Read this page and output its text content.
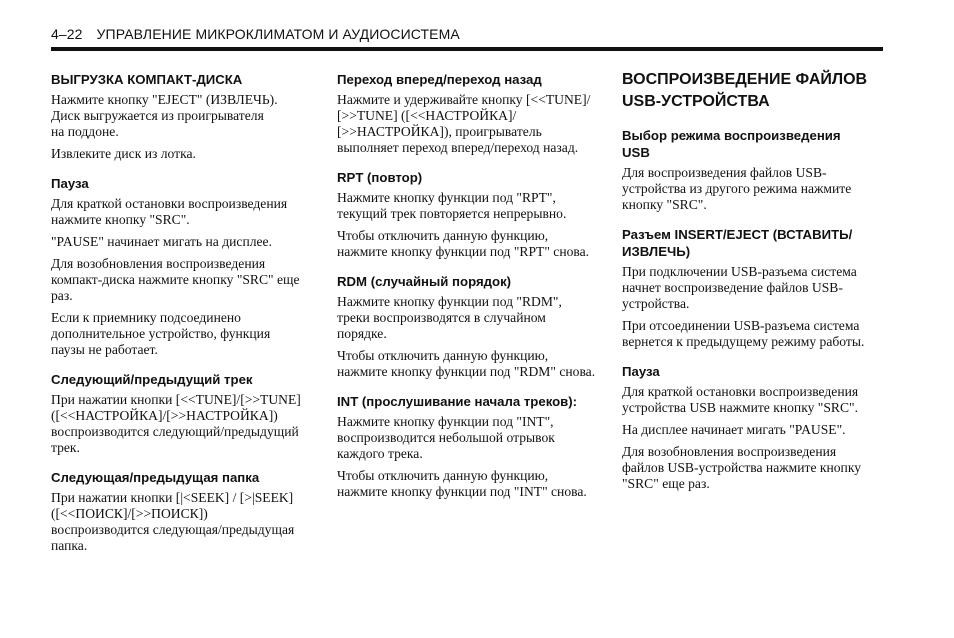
4–22 УПРАВЛЕНИЕ МИКРОКЛИМАТОМ И АУДИОСИСТЕМА
ВЫГРУЗКА КОМПАКТ-ДИСКА

Нажмите кнопку "EJECT" (ИЗВЛЕЧЬ).
Диск выгружается из проигрывателя
на поддоне.

Извлеките диск из лотка.

Пауза

Для краткой остановки воспроизведения
нажмите кнопку "SRC".

"PAUSE" начинает мигать на дисплее.

Для возобновления воспроизведения
компакт-диска нажмите кнопку "SRC" еще
раз.

Если к приемнику подсоединено
дополнительное устройство, функция
паузы не работает.

Следующий/предыдущий трек

При нажатии кнопки [<<TUNE]/[>>TUNE]
([<<НАСТРОЙКА]/[>>НАСТРОЙКА])
воспроизводится следующий/предыдущий
трек.

Следующая/предыдущая папка

При нажатии кнопки [|<SEEK] / [>|SEEK]
([<<ПОИСК]/[>>ПОИСК])
воспроизводится следующая/предыдущая
папка.

Переход вперед/переход назад

Нажмите и удерживайте кнопку [<<TUNE]/
[>>TUNE] ([<<НАСТРОЙКА]/
[>>НАСТРОЙКА]), проигрыватель
выполняет переход вперед/переход назад.

RPT (повтор)

Нажмите кнопку функции под "RPT",
текущий трек повторяется непрерывно.

Чтобы отключить данную функцию,
нажмите кнопку функции под "RPT" снова.

RDM (случайный порядок)

Нажмите кнопку функции под "RDM",
треки воспроизводятся в случайном
порядке.

Чтобы отключить данную функцию,
нажмите кнопку функции под "RDM" снова.

INT (прослушивание начала треков):

Нажмите кнопку функции под "INT",
воспроизводится небольшой отрывок
каждого трека.

Чтобы отключить данную функцию,
нажмите кнопку функции под "INT" снова.

ВОСПРОИЗВЕДЕНИЕ ФАЙЛОВ
USB-УСТРОЙСТВА
Выбор режима воспроизведения
USB

Для воспроизведения файлов USB-
устройства из другого режима нажмите
кнопку "SRC".

Разъем INSERT/EJECT (ВСТАВИТЬ/
ИЗВЛЕЧЬ)

При подключении USB-разъема система
начнет воспроизведение файлов USB-
устройства.

При отсоединении USB-разъема система
вернется к предыдущему режиму работы.

Пауза

Для краткой остановки воспроизведения
устройства USB нажмите кнопку "SRC".

На дисплее начинает мигать "PAUSE".

Для возобновления воспроизведения
файлов USB-устройства нажмите кнопку
"SRC" еще раз.
